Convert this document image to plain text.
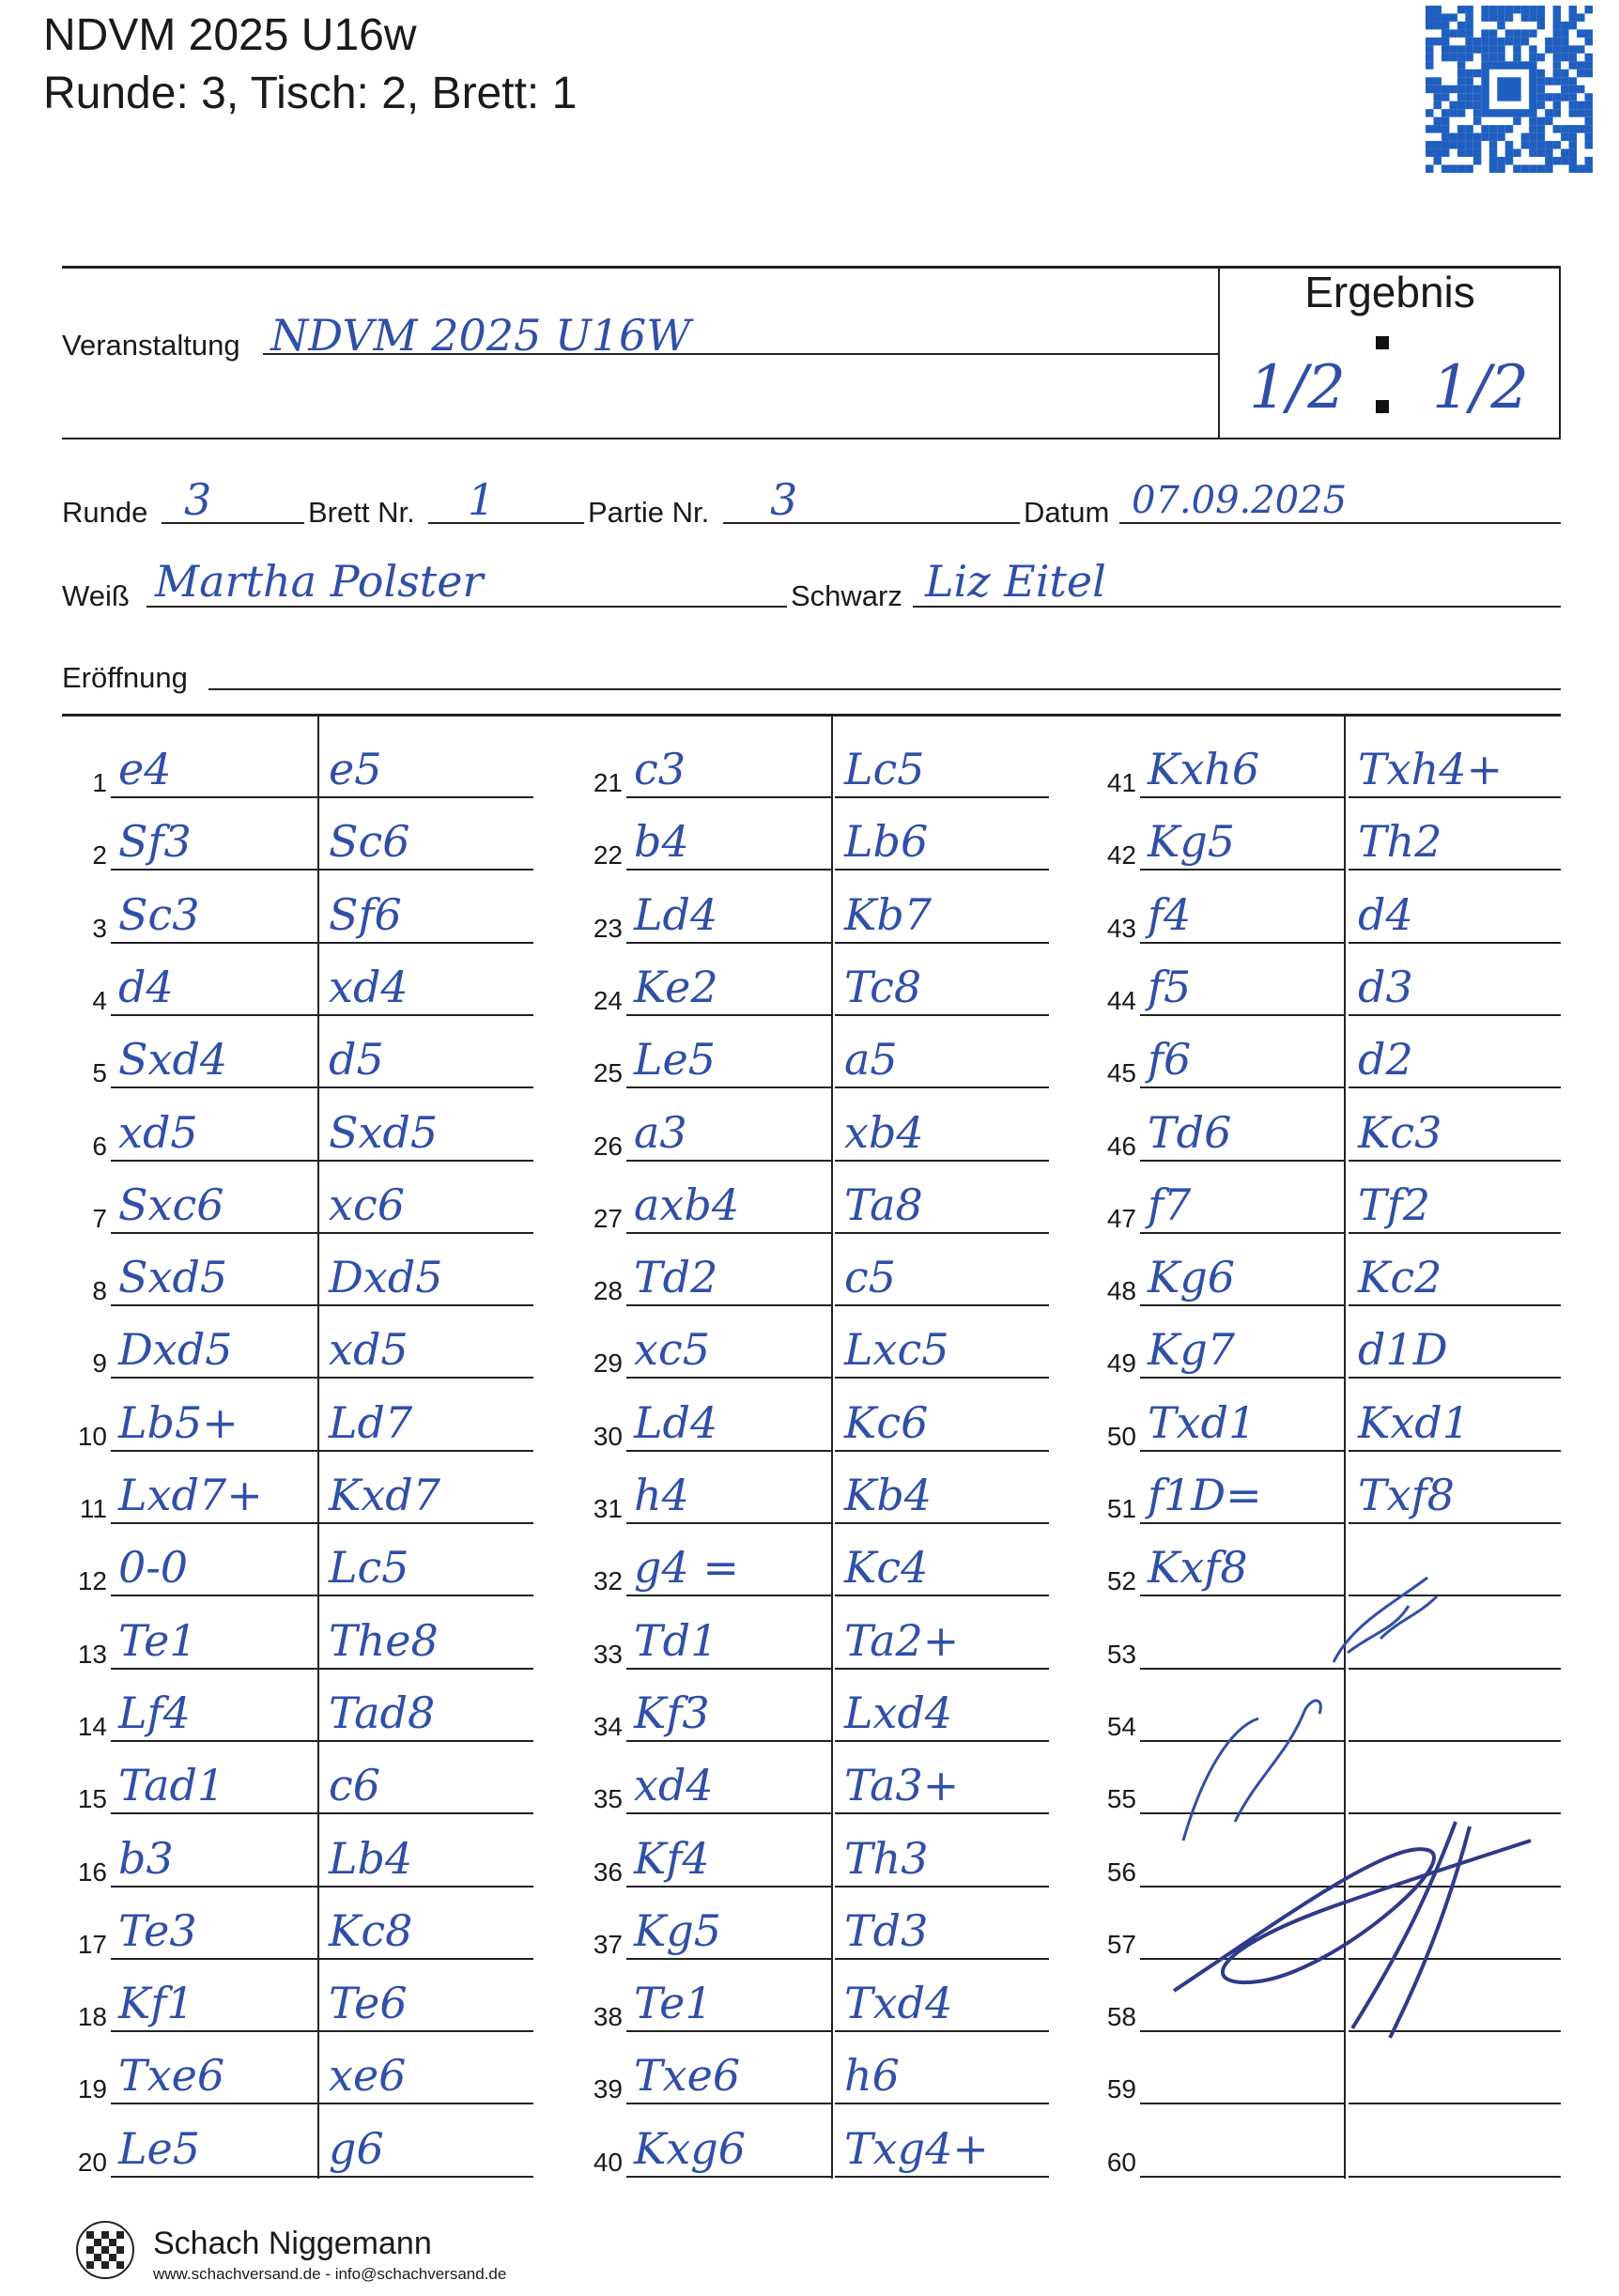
NDVM 2025 U16w
Runde: 3, Tisch: 2, Brett: 1
Ergebnis
1/2 1/2
Veranstaltung NDVM 2025 U16W
Runde 3	Brett Nr. 1	Partie Nr. 3	Datum 07.09.2025
Weiß Martha Polster	Schwarz Liz Eitel
Eröffnung
1 e4	e5
2 Sf3	Sc6
3 Sc3	Sf6
4 d4	xd4
5 Sxd4 d5
6 xd5	Sxd5
7 Sxc6 xc6
8 Sxd5 Dxd5
9 Dxd5 xd5
10 Lb5+ Ld7
11 Lxd7+ Kxd7
12 0-0	Lc5
13 Te1	The8
14 Lf4	Tad8
15 Tad1 c6
16 b3	Lb4
17 Te3	Kc8
18 Kf1	Te6
19 Txe6 xe6
20 Le5	g6
21 c3	Lc5
22 b4	Lb6
23 Ld4	Kb7
24 Ke2	Tc8
25 Le5	a5
26 a3	xb4
27 axb4 Ta8
28 Td2	c5
29 xc5	Lxc5
30 Ld4	Kc6
31 h4	Kb4
32 g4 = Kc4
33 Td1	Ta2+
34 Kf3	Lxd4
35 xd4	Ta3+
36 Kf4	Th3
37 Kg5	Td3
38 Te1	Txd4
39 Txe6 h6
40 Kxg6 Txg4+
41 Kxh6 Txh4+
42 Kg5	Th2
43 f4	d4
44 f5	d3
45 f6	d2
46 Td6	Kc3
47 f7	Tf2
48 Kg6	Kc2
49 Kg7	d1D
50 Txd1 Kxd1
51 f1D= Txf8
52 Kxf8
53
54
55
56
57
58
59
60
Schach Niggemann
www.schachversand.de - info@schachversand.de
